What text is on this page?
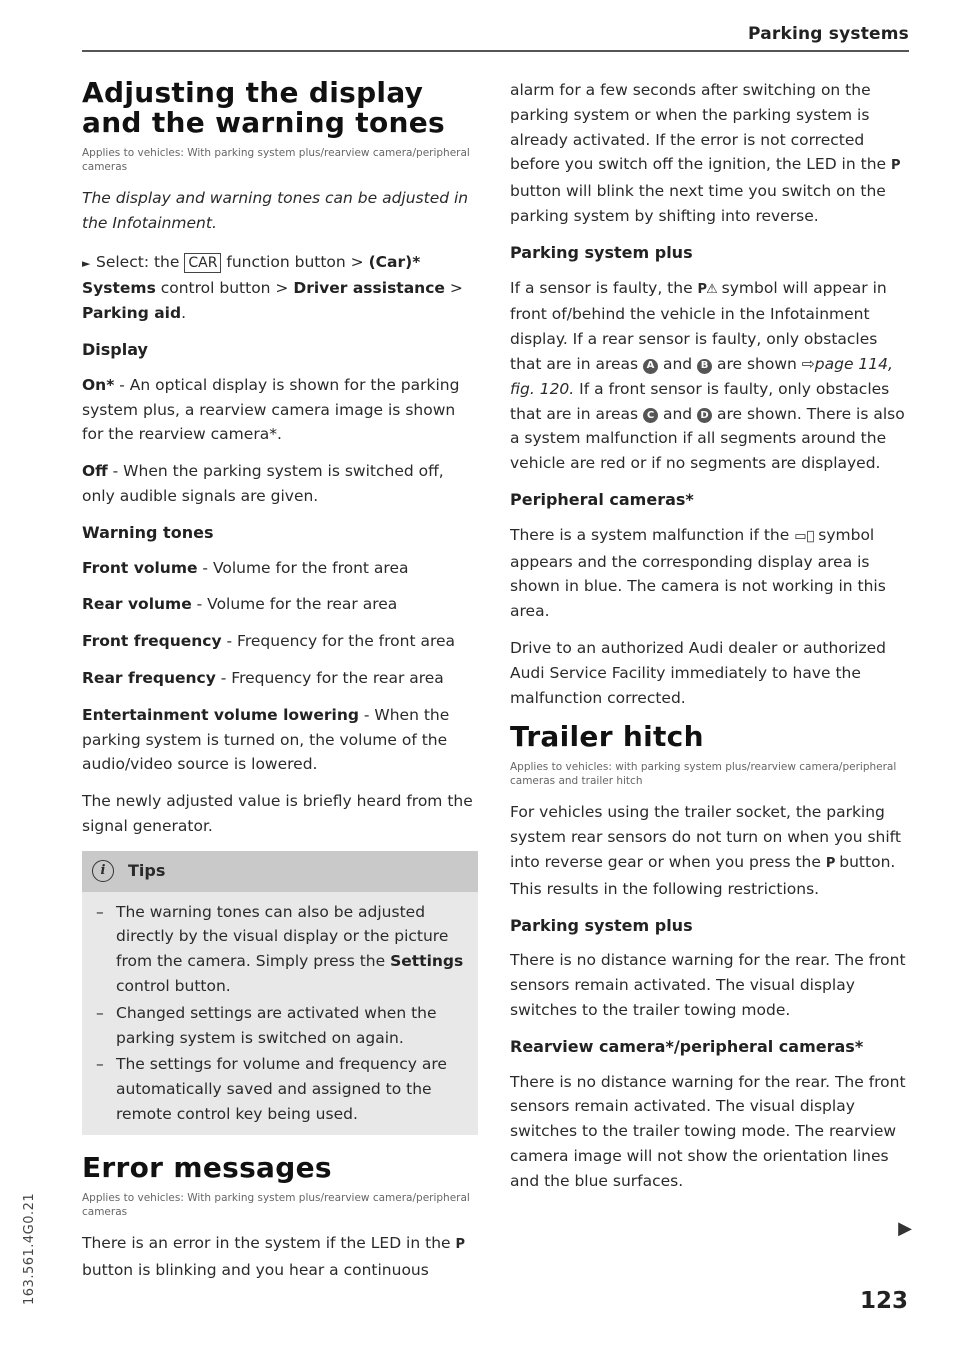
Parking systems
Adjusting the display and the warning tones

Applies to vehicles: With parking system plus/rearview camera/peripheral cameras

The display and warning tones can be adjusted in the Infotainment.

► Select: the CAR function button > (Car)* Systems control button > Driver assistance > Parking aid.

Display

On* - An optical display is shown for the parking system plus, a rearview camera image is shown for the rearview camera*.

Off - When the parking system is switched off, only audible signals are given.

Warning tones

Front volume - Volume for the front area

Rear volume - Volume for the rear area

Front frequency - Frequency for the front area

Rear frequency - Frequency for the rear area

Entertainment volume lowering - When the parking system is turned on, the volume of the audio/video source is lowered.

The newly adjusted value is briefly heard from the signal generator.

i	Tips
– The warning tones can also be adjusted directly by the visual display or the picture from the camera. Simply press the Settings control button.
– Changed settings are activated when the parking system is switched on again.
– The settings for volume and frequency are automatically saved and assigned to the remote control key being used.
Error messages

Applies to vehicles: With parking system plus/rearview camera/peripheral cameras

There is an error in the system if the LED in the P button is blinking and you hear a continuous

alarm for a few seconds after switching on the parking system or when the parking system is already activated. If the error is not corrected before you switch off the ignition, the LED in the P button will blink the next time you switch on the parking system by shifting into reverse.

Parking system plus

If a sensor is faulty, the P⚠ symbol will appear in front of/behind the vehicle in the Infotainment display. If a rear sensor is faulty, only obstacles that are in areas A and B are shown ⇨page 114, fig. 120. If a front sensor is faulty, only obstacles that are in areas C and D are shown. There is also a system malfunction if all segments around the vehicle are red or if no segments are displayed.

Peripheral cameras*

There is a system malfunction if the ▭⃠ symbol appears and the corresponding display area is shown in blue. The camera is not working in this area.

Drive to an authorized Audi dealer or authorized Audi Service Facility immediately to have the malfunction corrected.

Trailer hitch

Applies to vehicles: with parking system plus/rearview camera/peripheral cameras and trailer hitch

For vehicles using the trailer socket, the parking system rear sensors do not turn on when you shift into reverse gear or when you press the P button. This results in the following restrictions.

Parking system plus

There is no distance warning for the rear. The front sensors remain activated. The visual display switches to the trailer towing mode.

Rearview camera*/peripheral cameras*

There is no distance warning for the rear. The front sensors remain activated. The visual display switches to the trailer towing mode. The rearview camera image will not show the orientation lines and the blue surfaces.

▶
123
163.561.4G0.21
